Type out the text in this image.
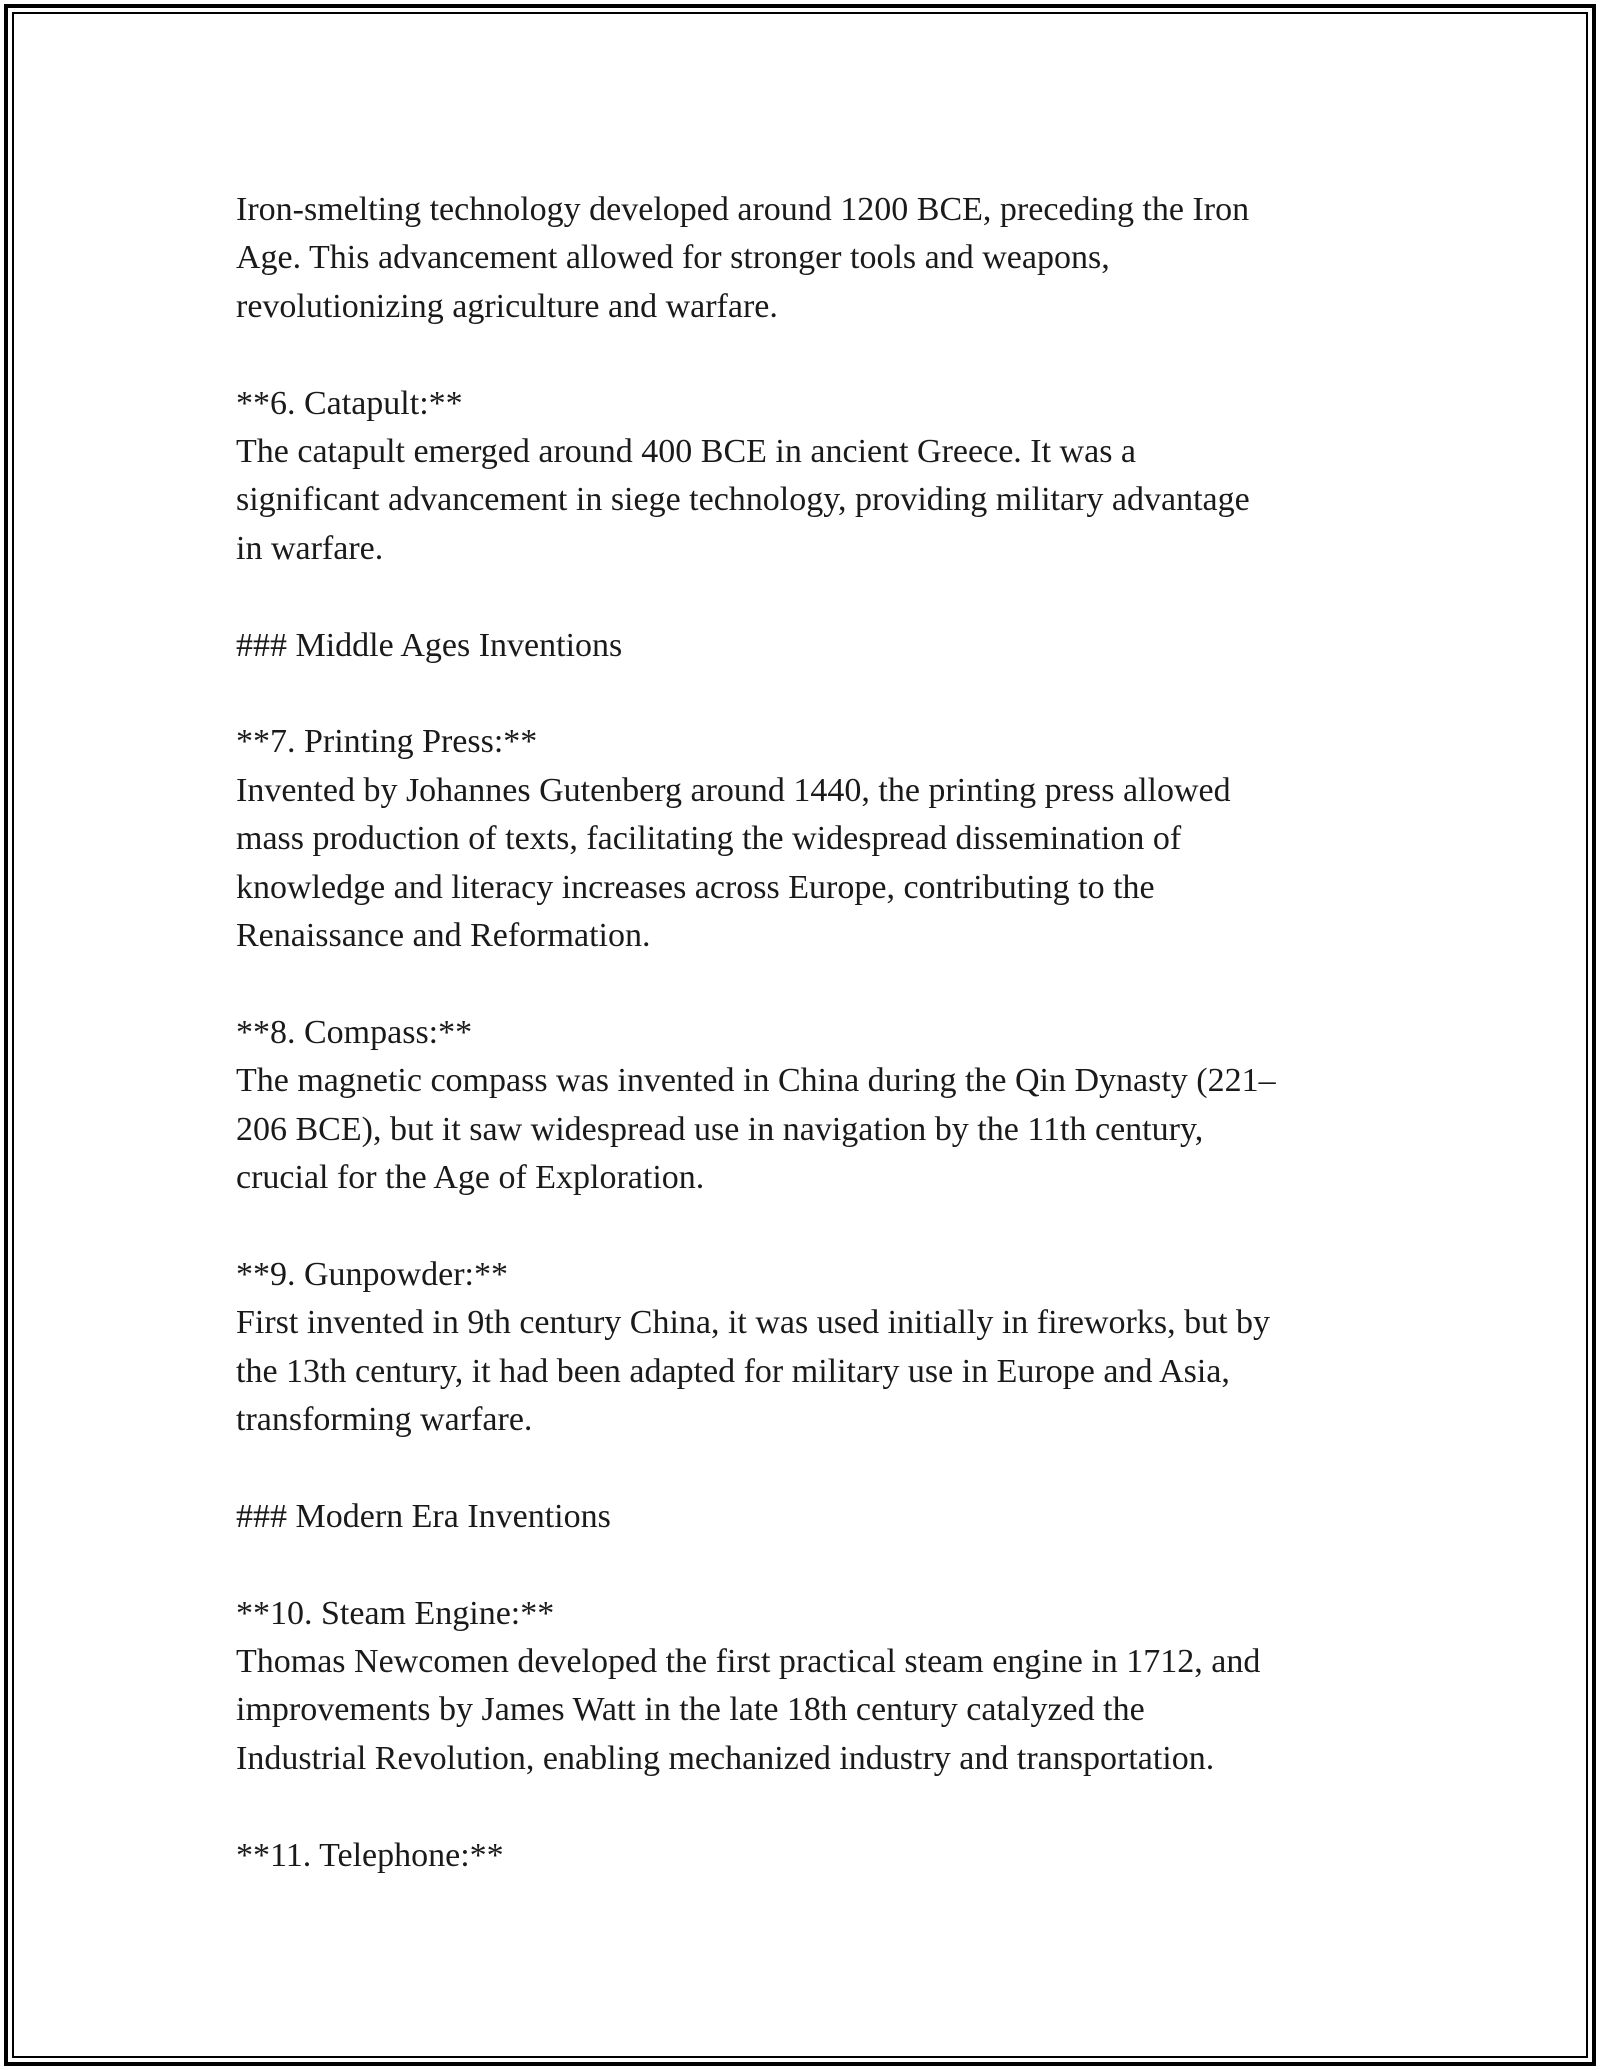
Iron-smelting technology developed around 1200 BCE, preceding the Iron
Age. This advancement allowed for stronger tools and weapons,
revolutionizing agriculture and warfare.

**6. Catapult:**
The catapult emerged around 400 BCE in ancient Greece. It was a
significant advancement in siege technology, providing military advantage
in warfare.

### Middle Ages Inventions

**7. Printing Press:**
Invented by Johannes Gutenberg around 1440, the printing press allowed
mass production of texts, facilitating the widespread dissemination of
knowledge and literacy increases across Europe, contributing to the
Renaissance and Reformation.

**8. Compass:**
The magnetic compass was invented in China during the Qin Dynasty (221–
206 BCE), but it saw widespread use in navigation by the 11th century,
crucial for the Age of Exploration.

**9. Gunpowder:**
First invented in 9th century China, it was used initially in fireworks, but by
the 13th century, it had been adapted for military use in Europe and Asia,
transforming warfare.

### Modern Era Inventions

**10. Steam Engine:**
Thomas Newcomen developed the first practical steam engine in 1712, and
improvements by James Watt in the late 18th century catalyzed the
Industrial Revolution, enabling mechanized industry and transportation.

**11. Telephone:**
